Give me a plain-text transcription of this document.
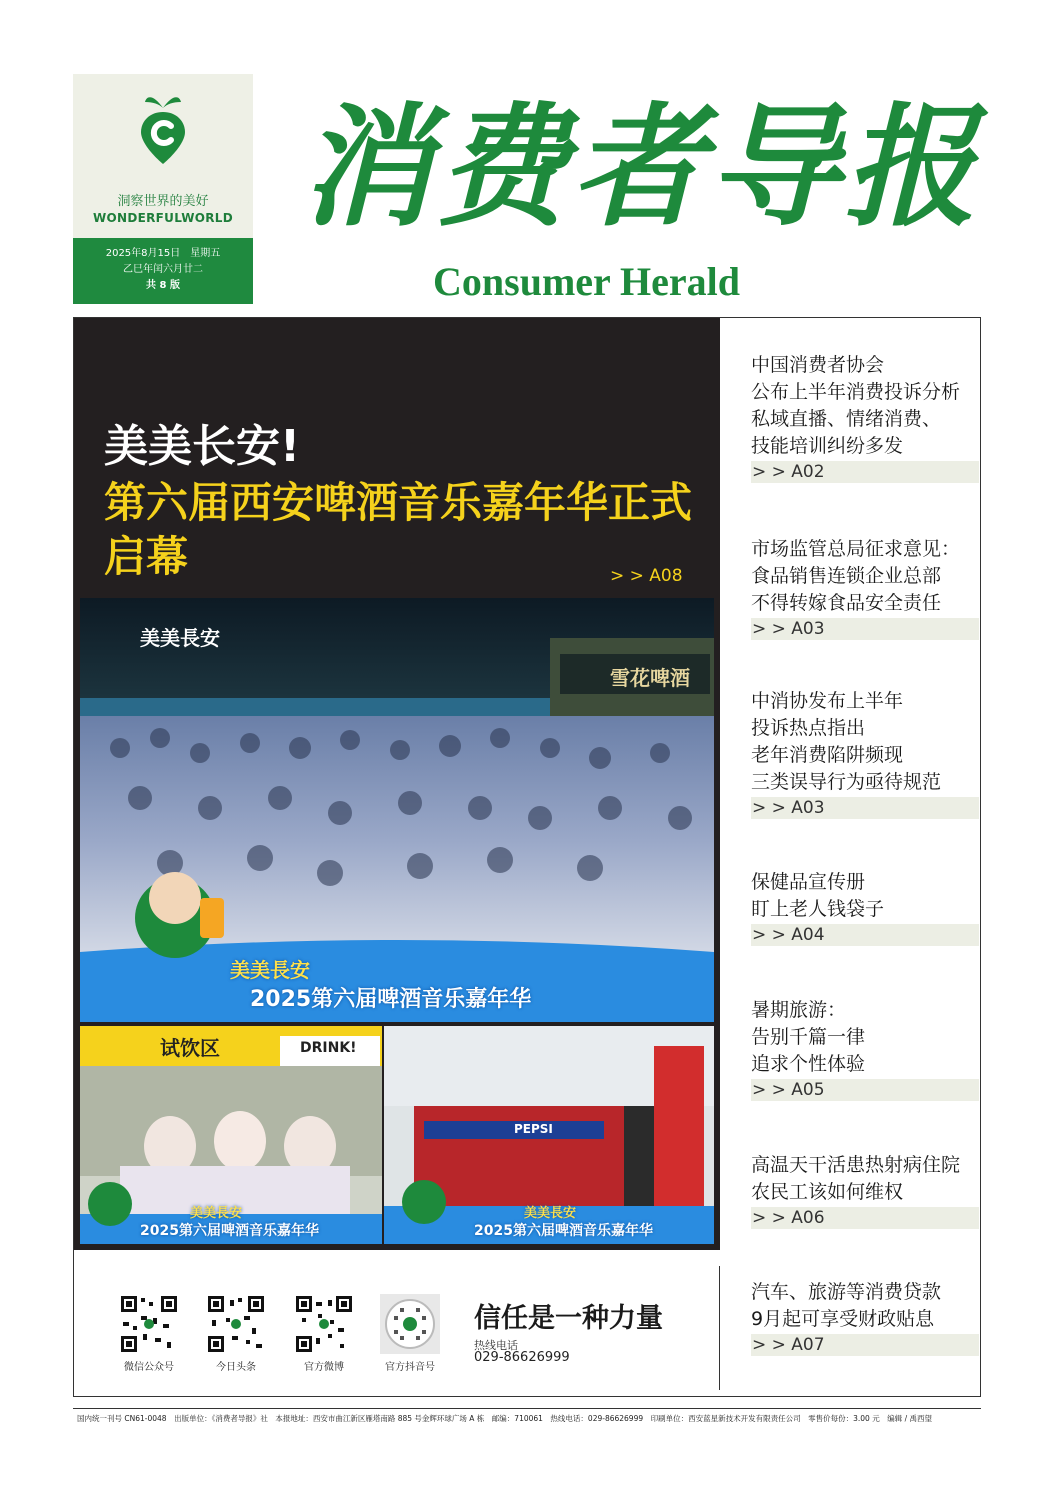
洞察世界的美好
WONDERFULWORLD
2025年8月15日　星期五
乙巳年闰六月廿二
共 8 版
消费者导报
Consumer Herald
美美长安!
第六届西安啤酒音乐嘉年华正式启幕	> > A08
美美長安
雪花啤酒
美美長安
2025第六届啤酒音乐嘉年华
试饮区	DRINK!
美美長安
2025第六届啤酒音乐嘉年华
PEPSI
美美長安
2025第六届啤酒音乐嘉年华
中国消费者协会
公布上半年消费投诉分析
私域直播、情绪消费、
技能培训纠纷多发
> > A02
市场监管总局征求意见：
食品销售连锁企业总部
不得转嫁食品安全责任
> > A03
中消协发布上半年
投诉热点指出
老年消费陷阱频现
三类误导行为亟待规范
> > A03
保健品宣传册
盯上老人钱袋子
> > A04
暑期旅游：
告别千篇一律
追求个性体验
> > A05
高温天干活患热射病住院
农民工该如何维权
> > A06
汽车、旅游等消费贷款
9月起可享受财政贴息
> > A07
微信公众号	今日头条	官方微博	官方抖音号
信任是一种力量
热线电话
029-86626999
国内统一刊号 CN61-0048　出版单位：《消费者导报》社　本报地址：西安市曲江新区雁塔南路 885 号金辉环球广场 A 栋　邮编：710061　热线电话：029-86626999　印刷单位：西安蓝星新技术开发有限责任公司　零售价每份：3.00 元　编辑 / 禹西望
